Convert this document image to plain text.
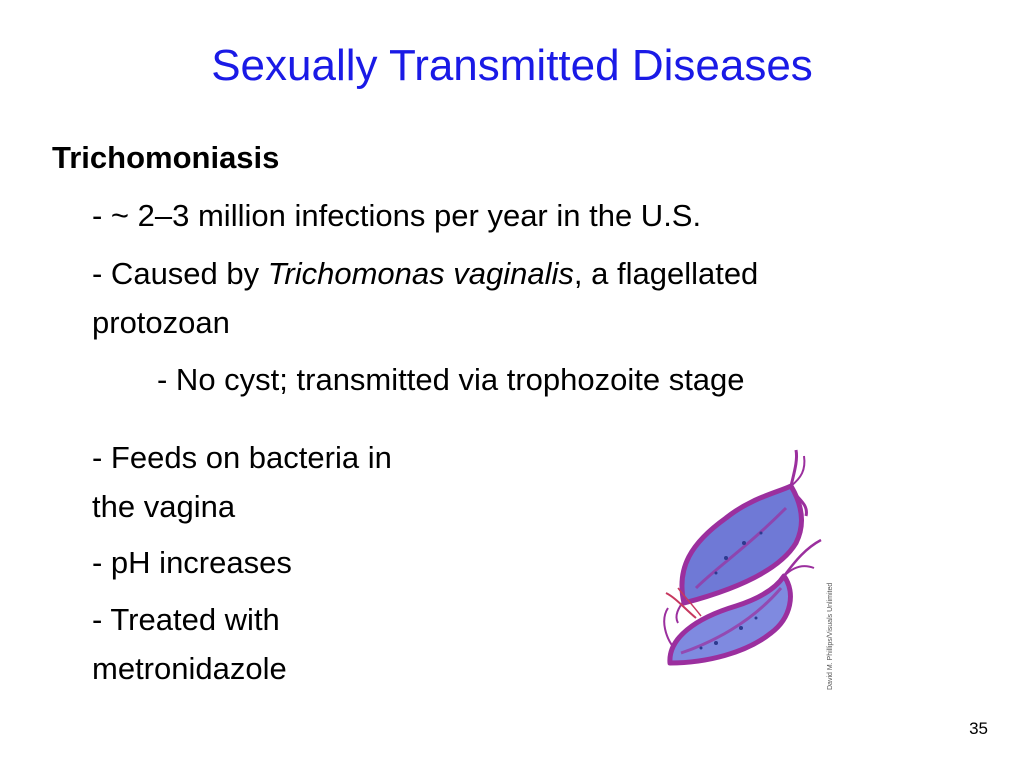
Sexually Transmitted Diseases
Trichomoniasis
- ~ 2–3 million infections per year in the U.S.
- Caused by Trichomonas vaginalis, a flagellated
protozoan
- No cyst; transmitted via trophozoite stage
- Feeds on bacteria in
the vagina
- pH increases
- Treated with
metronidazole	David M. Phillips/Visuals Unlimited
35
